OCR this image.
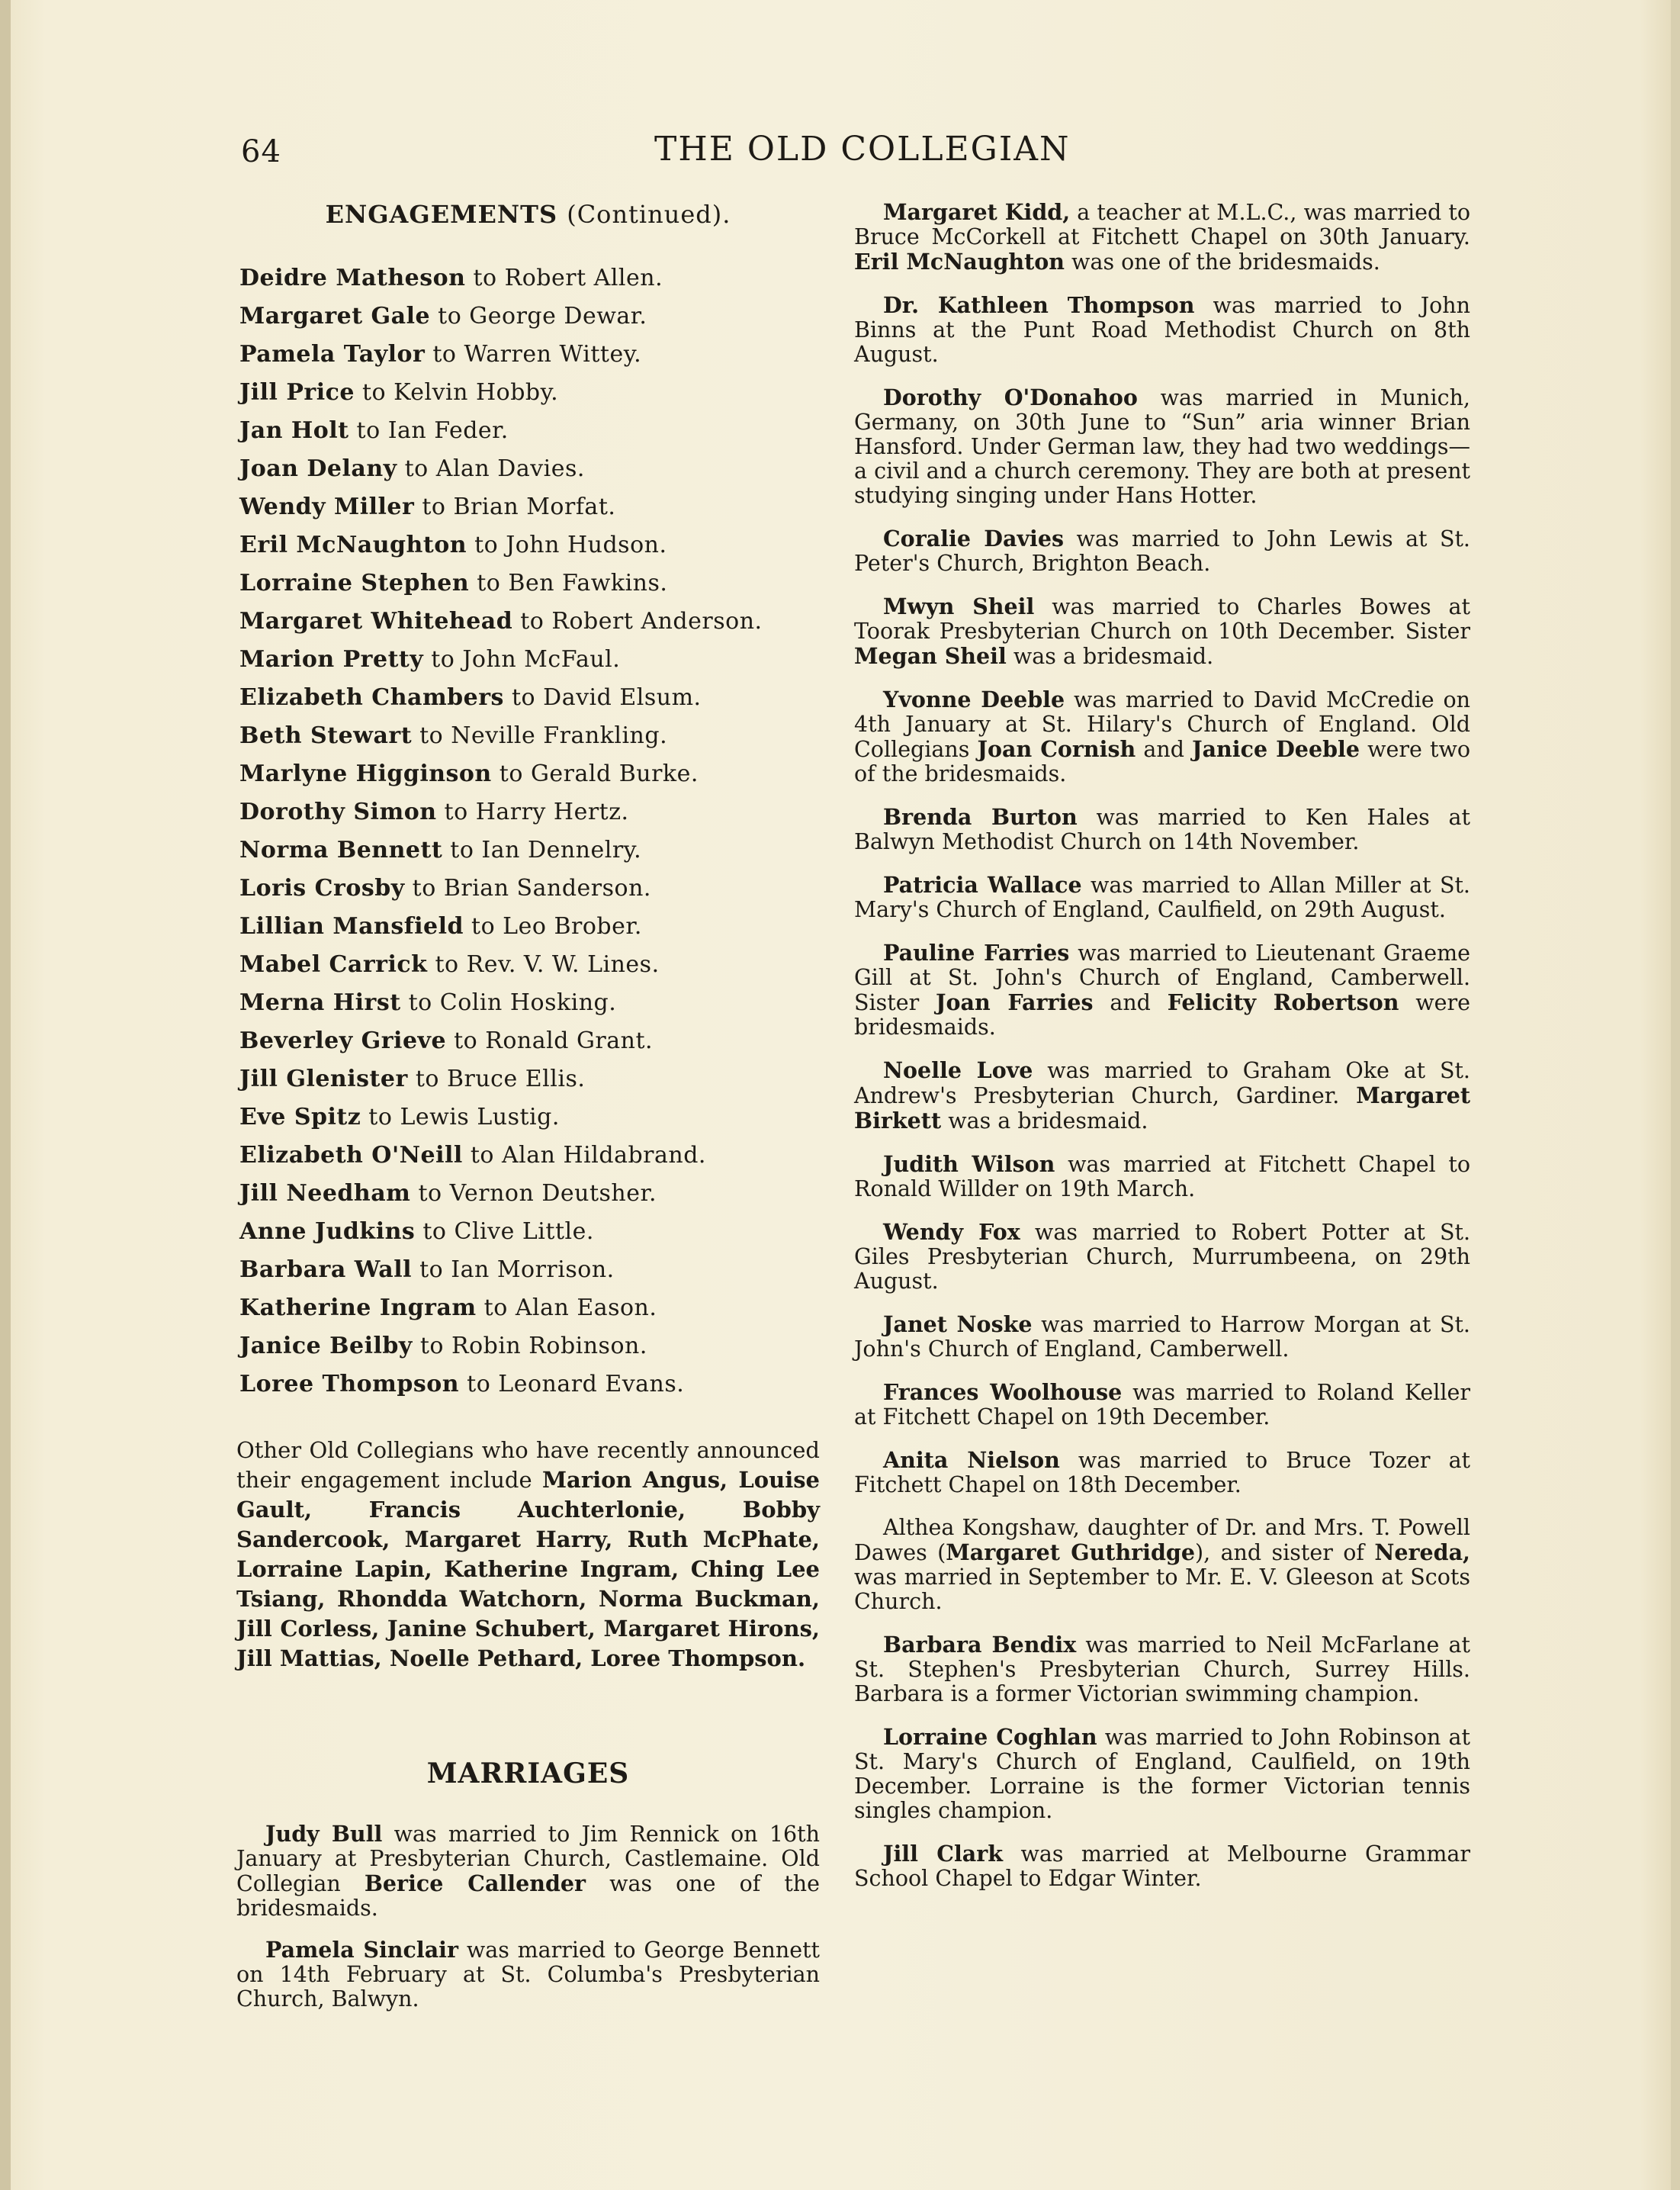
64	THE OLD COLLEGIAN
ENGAGEMENTS (Continued).
Deidre Matheson to Robert Allen.
Margaret Gale to George Dewar.
Pamela Taylor to Warren Wittey.
Jill Price to Kelvin Hobby.
Jan Holt to Ian Feder.
Joan Delany to Alan Davies.
Wendy Miller to Brian Morfat.
Eril McNaughton to John Hudson.
Lorraine Stephen to Ben Fawkins.
Margaret Whitehead to Robert Anderson.
Marion Pretty to John McFaul.
Elizabeth Chambers to David Elsum.
Beth Stewart to Neville Frankling.
Marlyne Higginson to Gerald Burke.
Dorothy Simon to Harry Hertz.
Norma Bennett to Ian Dennelry.
Loris Crosby to Brian Sanderson.
Lillian Mansfield to Leo Brober.
Mabel Carrick to Rev. V. W. Lines.
Merna Hirst to Colin Hosking.
Beverley Grieve to Ronald Grant.
Jill Glenister to Bruce Ellis.
Eve Spitz to Lewis Lustig.
Elizabeth O'Neill to Alan Hildabrand.
Jill Needham to Vernon Deutsher.
Anne Judkins to Clive Little.
Barbara Wall to Ian Morrison.
Katherine Ingram to Alan Eason.
Janice Beilby to Robin Robinson.
Loree Thompson to Leonard Evans.
Other Old Collegians who have recently announced their engagement include Marion Angus, Louise Gault, Francis Auchterlonie, Bobby Sandercook, Margaret Harry, Ruth McPhate, Lorraine Lapin, Katherine Ingram, Ching Lee Tsiang, Rhondda Watchorn, Norma Buckman, Jill Corless, Janine Schubert, Margaret Hirons, Jill Mattias, Noelle Pethard, Loree Thompson.
MARRIAGES

Judy Bull was married to Jim Rennick on 16th January at Presbyterian Church, Castlemaine. Old Collegian Berice Callender was one of the bridesmaids.

Pamela Sinclair was married to George Bennett on 14th February at St. Columba's Presbyterian Church, Balwyn.

Margaret Kidd, a teacher at M.L.C., was married to Bruce McCorkell at Fitchett Chapel on 30th January. Eril McNaughton was one of the bridesmaids.

Dr. Kathleen Thompson was married to John Binns at the Punt Road Methodist Church on 8th August.

Dorothy O'Donahoo was married in Munich, Germany, on 30th June to “Sun” aria winner Brian Hansford. Under German law, they had two weddings—a civil and a church ceremony. They are both at present studying singing under Hans Hotter.

Coralie Davies was married to John Lewis at St. Peter's Church, Brighton Beach.

Mwyn Sheil was married to Charles Bowes at Toorak Presbyterian Church on 10th December. Sister Megan Sheil was a bridesmaid.

Yvonne Deeble was married to David McCredie on 4th January at St. Hilary's Church of England. Old Collegians Joan Cornish and Janice Deeble were two of the bridesmaids.

Brenda Burton was married to Ken Hales at Balwyn Methodist Church on 14th November.

Patricia Wallace was married to Allan Miller at St. Mary's Church of England, Caulfield, on 29th August.

Pauline Farries was married to Lieutenant Graeme Gill at St. John's Church of England, Camberwell. Sister Joan Farries and Felicity Robertson were bridesmaids.

Noelle Love was married to Graham Oke at St. Andrew's Presbyterian Church, Gardiner. Margaret Birkett was a bridesmaid.

Judith Wilson was married at Fitchett Chapel to Ronald Willder on 19th March.

Wendy Fox was married to Robert Potter at St. Giles Presbyterian Church, Murrumbeena, on 29th August.

Janet Noske was married to Harrow Morgan at St. John's Church of England, Camberwell.

Frances Woolhouse was married to Roland Keller at Fitchett Chapel on 19th December.

Anita Nielson was married to Bruce Tozer at Fitchett Chapel on 18th December.

Althea Kongshaw, daughter of Dr. and Mrs. T. Powell Dawes (Margaret Guthridge), and sister of Nereda, was married in September to Mr. E. V. Gleeson at Scots Church.

Barbara Bendix was married to Neil McFarlane at St. Stephen's Presbyterian Church, Surrey Hills. Barbara is a former Victorian swimming champion.

Lorraine Coghlan was married to John Robinson at St. Mary's Church of England, Caulfield, on 19th December. Lorraine is the former Victorian tennis singles champion.

Jill Clark was married at Melbourne Grammar School Chapel to Edgar Winter.
